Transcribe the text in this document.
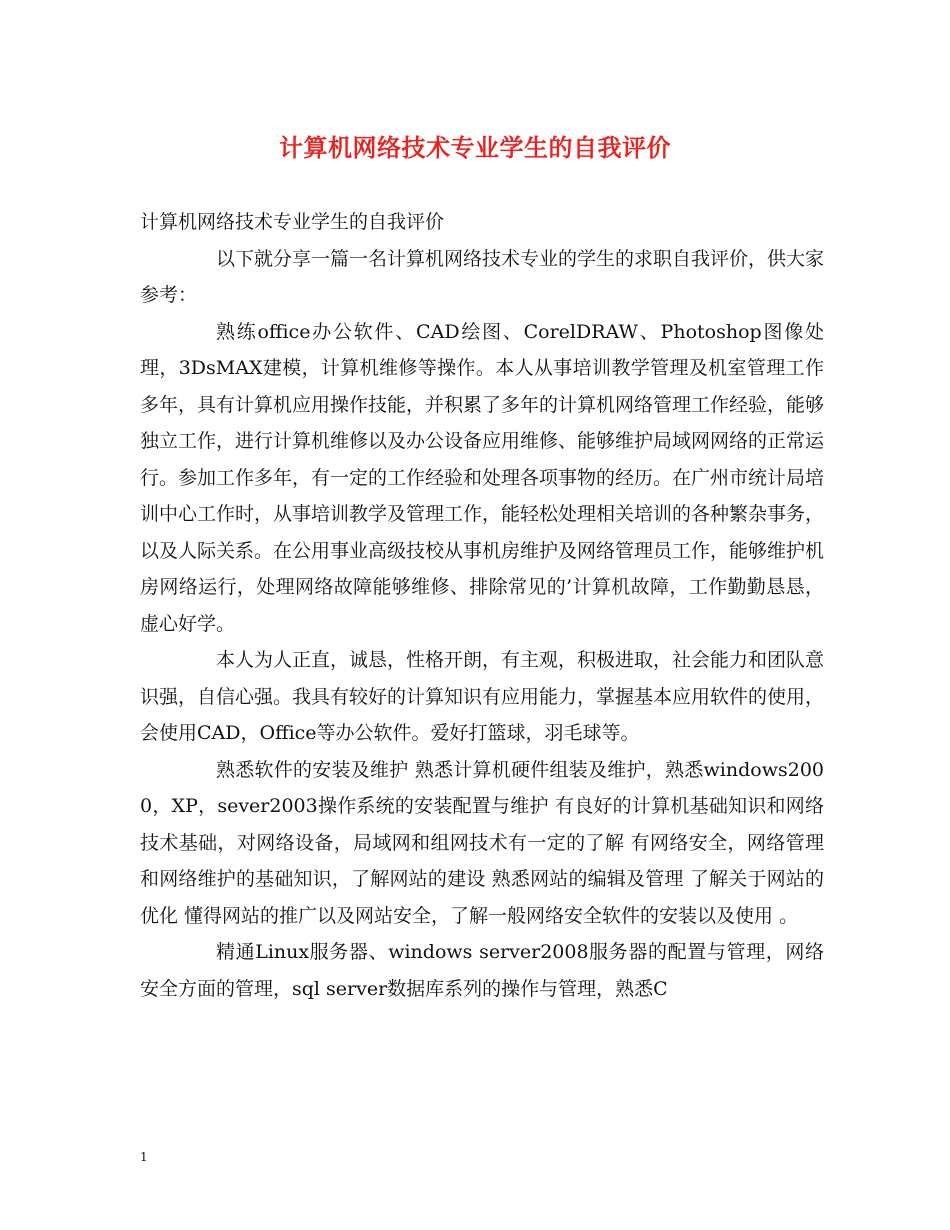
计算机网络技术专业学生的自我评价

计算机网络技术专业学生的自我评价

以下就分享一篇一名计算机网络技术专业的学生的求职自我评价，供大家参考：

熟练office办公软件、CAD绘图、CorelDRAW、Photoshop图像处理，3DsMAX建模，计算机维修等操作。本人从事培训教学管理及机室管理工作多年，具有计算机应用操作技能，并积累了多年的计算机网络管理工作经验，能够独立工作，进行计算机维修以及办公设备应用维修、能够维护局域网网络的正常运行。参加工作多年，有一定的工作经验和处理各项事物的经历。在广州市统计局培训中心工作时，从事培训教学及管理工作，能轻松处理相关培训的各种繁杂事务，以及人际关系。在公用事业高级技校从事机房维护及网络管理员工作，能够维护机房网络运行，处理网络故障能够维修、排除常见的’计算机故障，工作勤勤恳恳，虚心好学。

本人为人正直，诚恳，性格开朗，有主观，积极进取，社会能力和团队意识强，自信心强。我具有较好的计算知识有应用能力，掌握基本应用软件的使用，会使用CAD，Office等办公软件。爱好打篮球，羽毛球等。

熟悉软件的安装及维护 熟悉计算机硬件组装及维护，熟悉windows2000，XP，sever2003操作系统的安装配置与维护 有良好的计算机基础知识和网络技术基础，对网络设备，局域网和组网技术有一定的了解 有网络安全，网络管理和网络维护的基础知识，了解网站的建设 熟悉网站的编辑及管理 了解关于网站的优化 懂得网站的推广以及网站安全，了解一般网络安全软件的安装以及使用 。

精通Linux服务器、windows server2008服务器的配置与管理，网络安全方面的管理，sql server数据库系列的操作与管理，熟悉C

1
